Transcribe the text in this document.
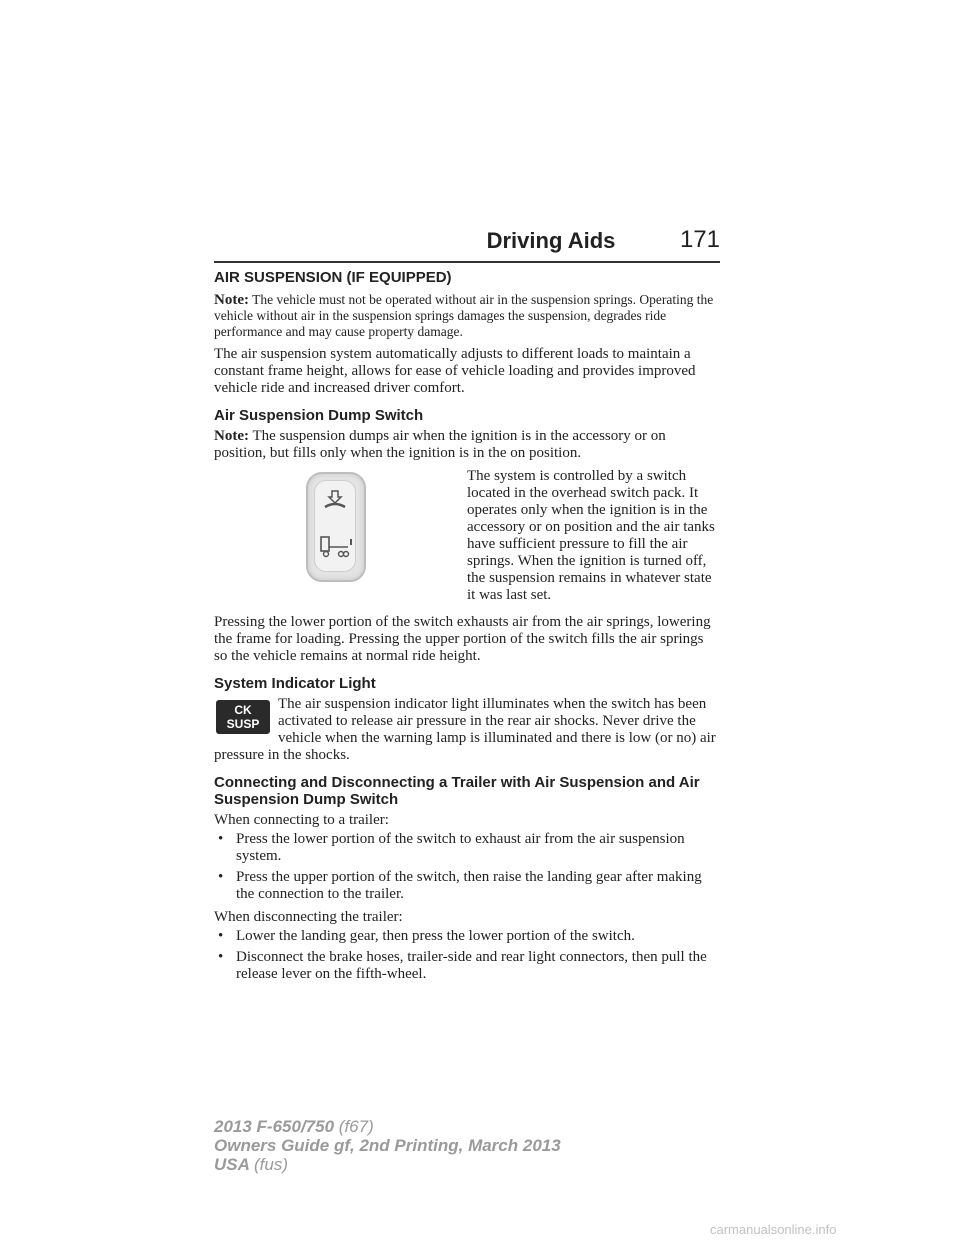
Driving Aids	171
AIR SUSPENSION (IF EQUIPPED)

Note: The vehicle must not be operated without air in the suspension springs. Operating the vehicle without air in the suspension springs damages the suspension, degrades ride performance and may cause property damage.

The air suspension system automatically adjusts to different loads to maintain a constant frame height, allows for ease of vehicle loading and provides improved vehicle ride and increased driver comfort.

Air Suspension Dump Switch

Note: The suspension dumps air when the ignition is in the accessory or on position, but fills only when the ignition is in the on position.

The system is controlled by a switch located in the overhead switch pack. It operates only when the ignition is in the accessory or on position and the air tanks have sufficient pressure to fill the air springs. When the ignition is turned off, the suspension remains in whatever state it was last set.

Pressing the lower portion of the switch exhausts air from the air springs, lowering the frame for loading. Pressing the upper portion of the switch fills the air springs so the vehicle remains at normal ride height.

System Indicator Light
CK
SUSP

The air suspension indicator light illuminates when the switch has been activated to release air pressure in the rear air shocks. Never drive the vehicle when the warning lamp is illuminated and there is low (or no) air pressure in the shocks.

Connecting and Disconnecting a Trailer with Air Suspension and Air Suspension Dump Switch

When connecting to a trailer:

• Press the lower portion of the switch to exhaust air from the air suspension system.
• Press the upper portion of the switch, then raise the landing gear after making the connection to the trailer.

When disconnecting the trailer:

• Lower the landing gear, then press the lower portion of the switch.
• Disconnect the brake hoses, trailer-side and rear light connectors, then pull the release lever on the fifth-wheel.
2013 F-650/750 (f67)
Owners Guide gf, 2nd Printing, March 2013
USA (fus)
carmanualsonline.info
